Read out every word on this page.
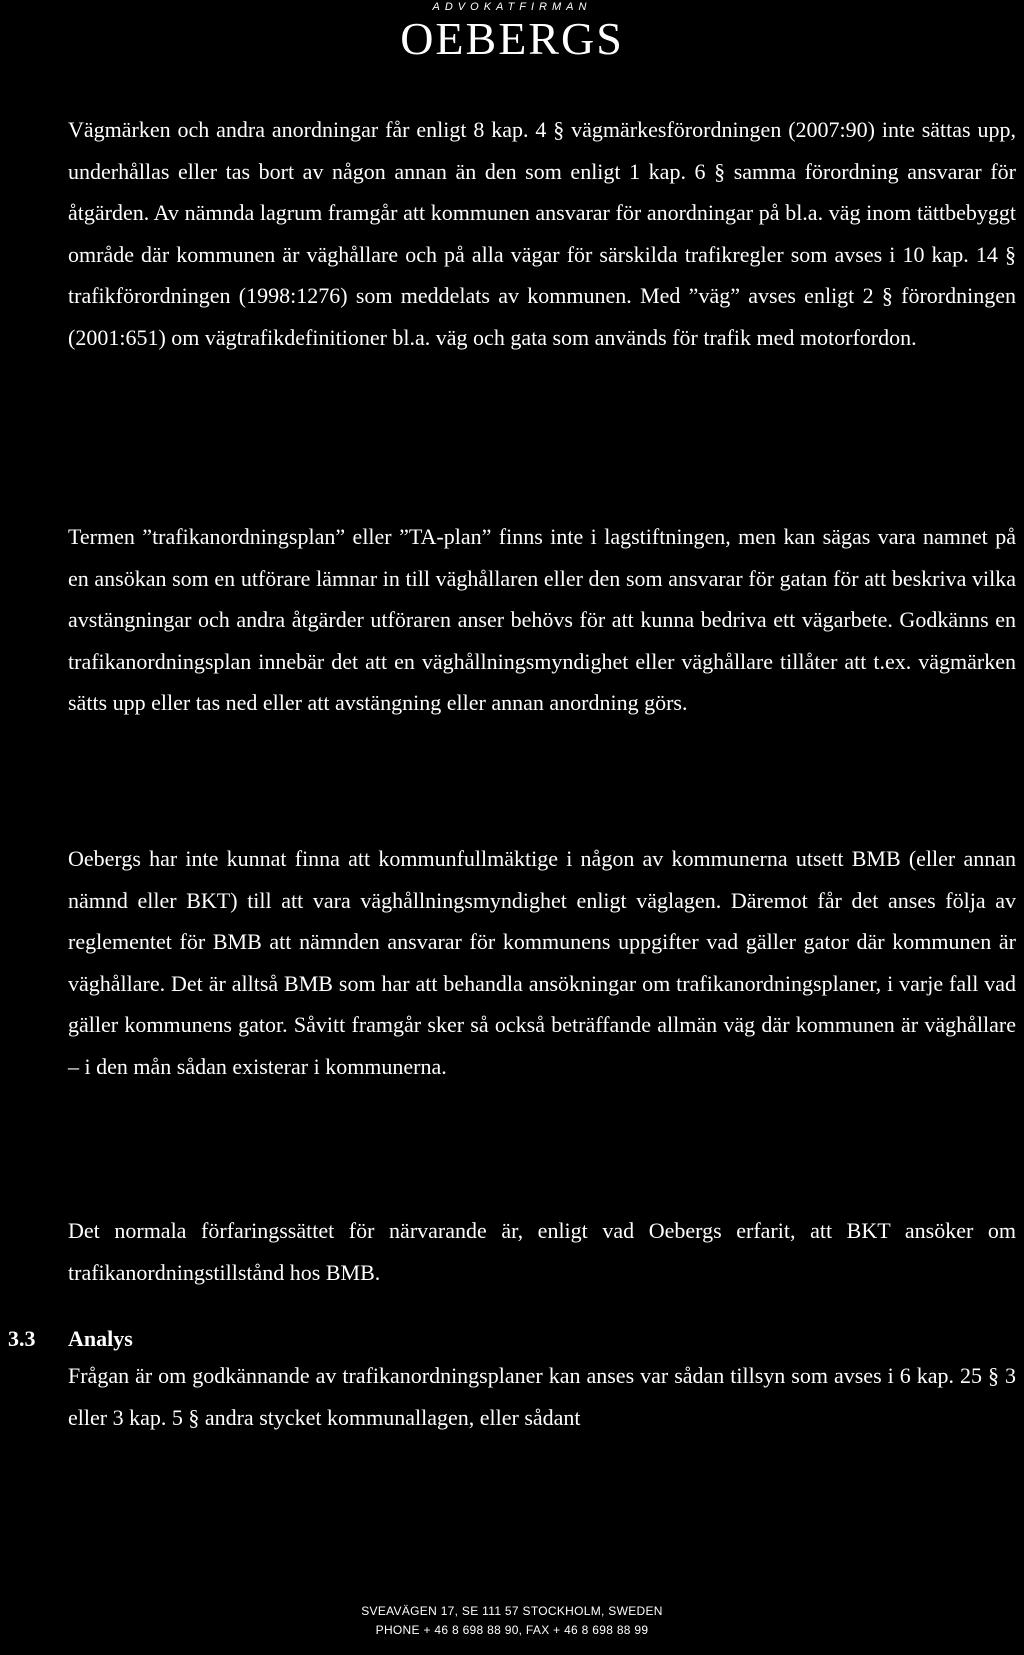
ADVOKATFIRMAN
OEBERGS

Vägmärken och andra anordningar får enligt 8 kap. 4 § vägmärkesförordningen (2007:90) inte sättas upp, underhållas eller tas bort av någon annan än den som enligt 1 kap. 6 § samma förordning ansvarar för åtgärden. Av nämnda lagrum framgår att kommunen ansvarar för anordningar på bl.a. väg inom tättbebyggt område där kommunen är väghållare och på alla vägar för särskilda trafikregler som avses i 10 kap. 14 § trafikförordningen (1998:1276) som meddelats av kommunen. Med ”väg” avses enligt 2 § förordningen (2001:651) om vägtrafikdefinitioner bl.a. väg och gata som används för trafik med motorfordon.

Termen ”trafikanordningsplan” eller ”TA-plan” finns inte i lagstiftningen, men kan sägas vara namnet på en ansökan som en utförare lämnar in till väghållaren eller den som ansvarar för gatan för att beskriva vilka avstängningar och andra åtgärder utföraren anser behövs för att kunna bedriva ett vägarbete. Godkänns en trafikanordningsplan innebär det att en väghållningsmyndighet eller väghållare tillåter att t.ex. vägmärken sätts upp eller tas ned eller att avstängning eller annan anordning görs.

Oebergs har inte kunnat finna att kommunfullmäktige i någon av kommunerna utsett BMB (eller annan nämnd eller BKT) till att vara väghållningsmyndighet enligt väglagen. Däremot får det anses följa av reglementet för BMB att nämnden ansvarar för kommunens uppgifter vad gäller gator där kommunen är väghållare. Det är alltså BMB som har att behandla ansökningar om trafikanordningsplaner, i varje fall vad gäller kommunens gator. Såvitt framgår sker så också beträffande allmän väg där kommunen är väghållare – i den mån sådan existerar i kommunerna.

Det normala förfaringssättet för närvarande är, enligt vad Oebergs erfarit, att BKT ansöker om trafikanordningstillstånd hos BMB.

3.3 Analys

Frågan är om godkännande av trafikanordningsplaner kan anses var sådan tillsyn som avses i 6 kap. 25 § 3 eller 3 kap. 5 § andra stycket kommunallagen, eller sådant

SVEAVÄGEN 17, SE 111 57 STOCKHOLM, SWEDEN
PHONE + 46 8 698 88 90, FAX + 46 8 698 88 99
